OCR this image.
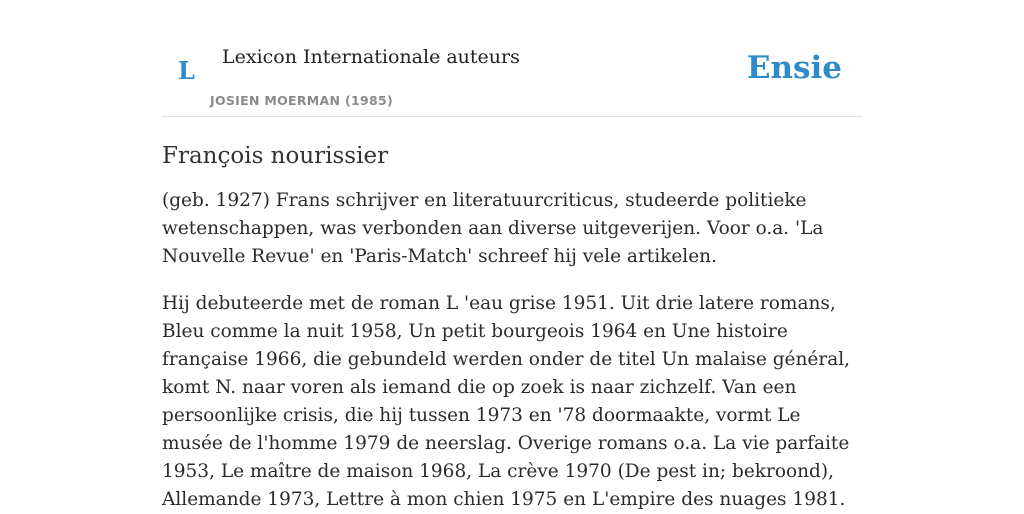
L Lexicon Internationale auteurs
JOSIEN MOERMAN (1985)
Ensie
François nourissier

(geb. 1927) Frans schrijver en literatuurcriticus, studeerde politieke wetenschappen, was verbonden aan diverse uitgeverijen. Voor o.a. 'La Nouvelle Revue' en 'Paris-Match' schreef hij vele artikelen.

Hij debuteerde met de roman L 'eau grise 1951. Uit drie latere romans, Bleu comme la nuit 1958, Un petit bourgeois 1964 en Une histoire française 1966, die gebundeld werden onder de titel Un malaise général, komt N. naar voren als iemand die op zoek is naar zichzelf. Van een persoonlijke crisis, die hij tussen 1973 en '78 doormaakte, vormt Le musée de l'homme 1979 de neerslag. Overige romans o.a. La vie parfaite 1953, Le maître de maison 1968, La crève 1970 (De pest in; bekroond), Allemande 1973, Lettre à mon chien 1975 en L'empire des nuages 1981.
